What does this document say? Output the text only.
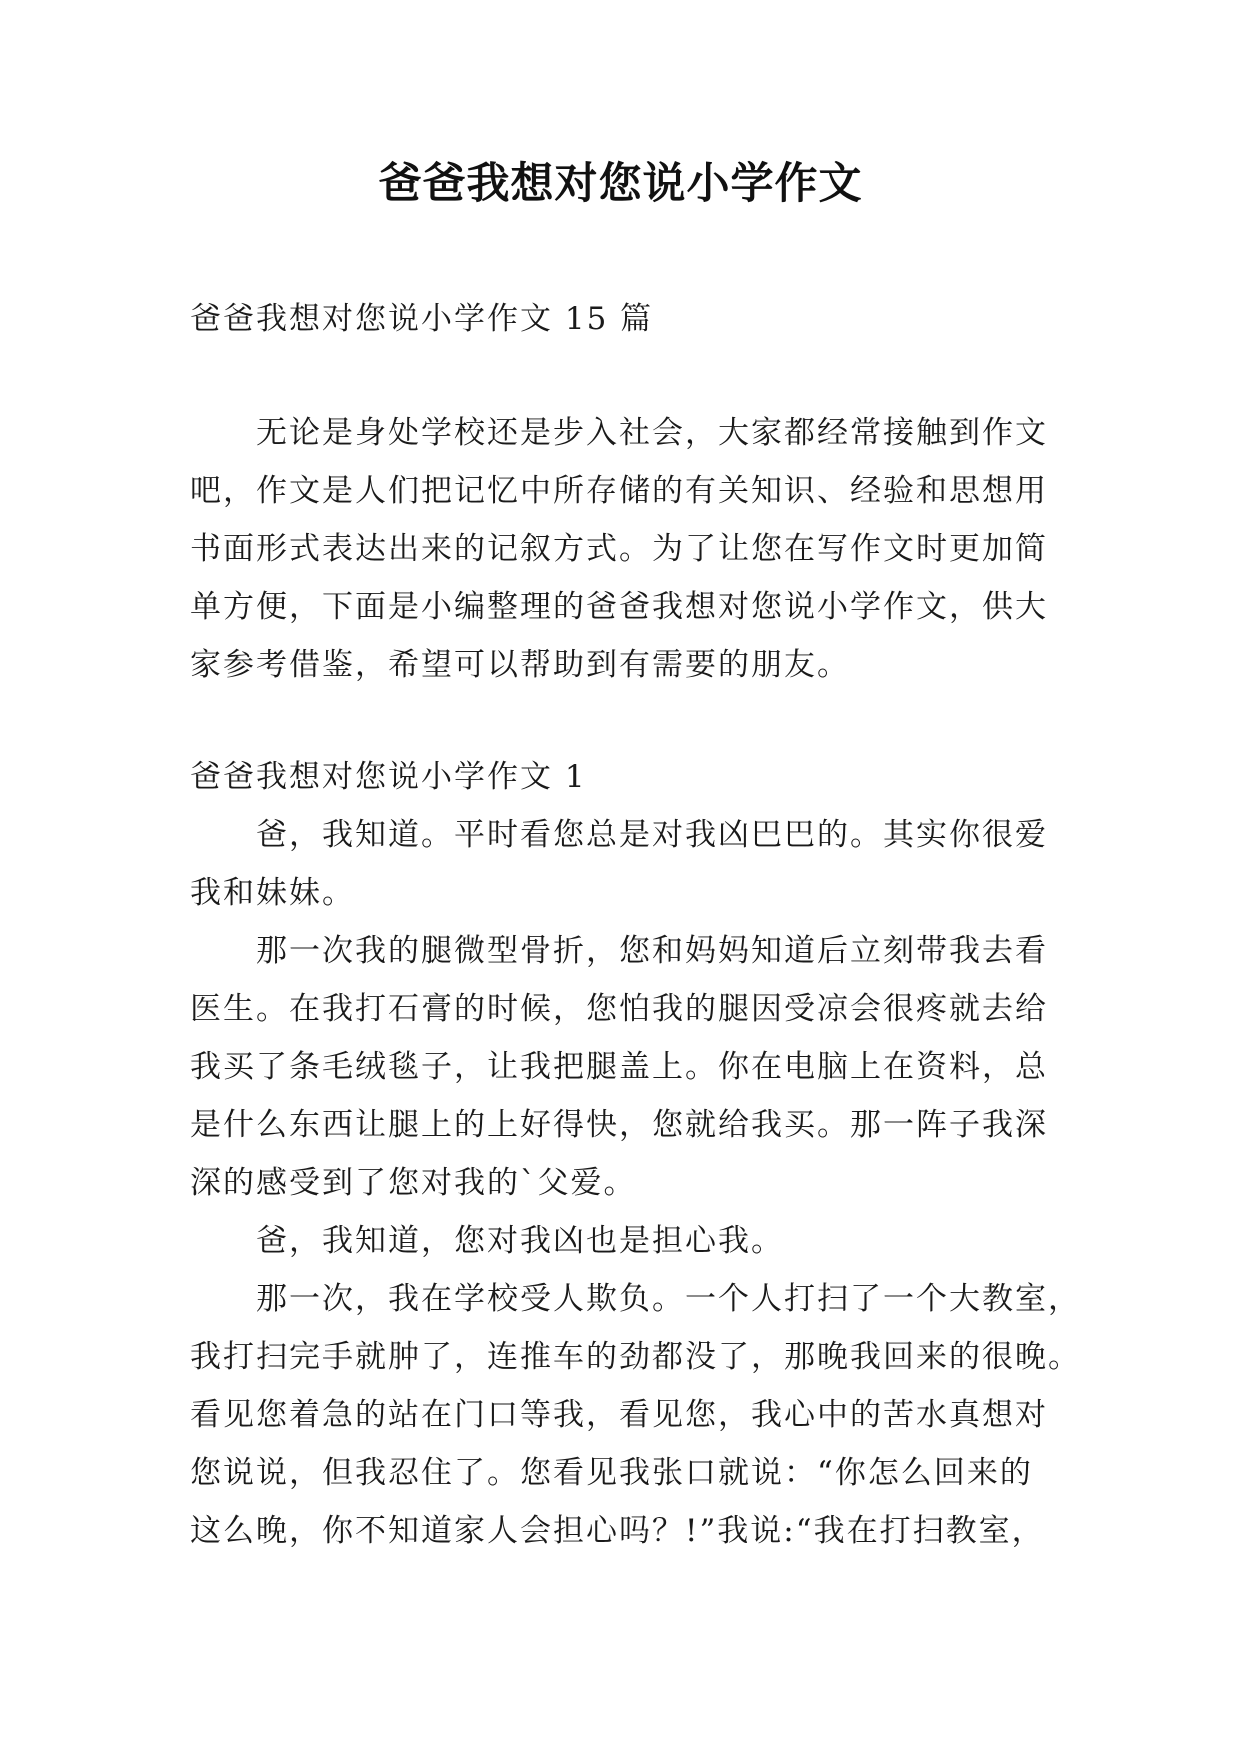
爸爸我想对您说小学作文
爸爸我想对您说小学作文 15 篇
无论是身处学校还是步入社会，大家都经常接触到作文
吧，作文是人们把记忆中所存储的有关知识、经验和思想用
书面形式表达出来的记叙方式。为了让您在写作文时更加简
单方便，下面是小编整理的爸爸我想对您说小学作文，供大
家参考借鉴，希望可以帮助到有需要的朋友。
爸爸我想对您说小学作文 1
爸，我知道。平时看您总是对我凶巴巴的。其实你很爱
我和妹妹。
那一次我的腿微型骨折，您和妈妈知道后立刻带我去看
医生。在我打石膏的时候，您怕我的腿因受凉会很疼就去给
我买了条毛绒毯子，让我把腿盖上。你在电脑上在资料，总
是什么东西让腿上的上好得快，您就给我买。那一阵子我深
深的感受到了您对我的`父爱。
爸，我知道，您对我凶也是担心我。
那一次，我在学校受人欺负。一个人打扫了一个大教室，
我打扫完手就肿了，连推车的劲都没了，那晚我回来的很晚。
看见您着急的站在门口等我，看见您，我心中的苦水真想对
您说说，但我忍住了。您看见我张口就说：“你怎么回来的
这么晚，你不知道家人会担心吗？!”我说:“我在打扫教室，
